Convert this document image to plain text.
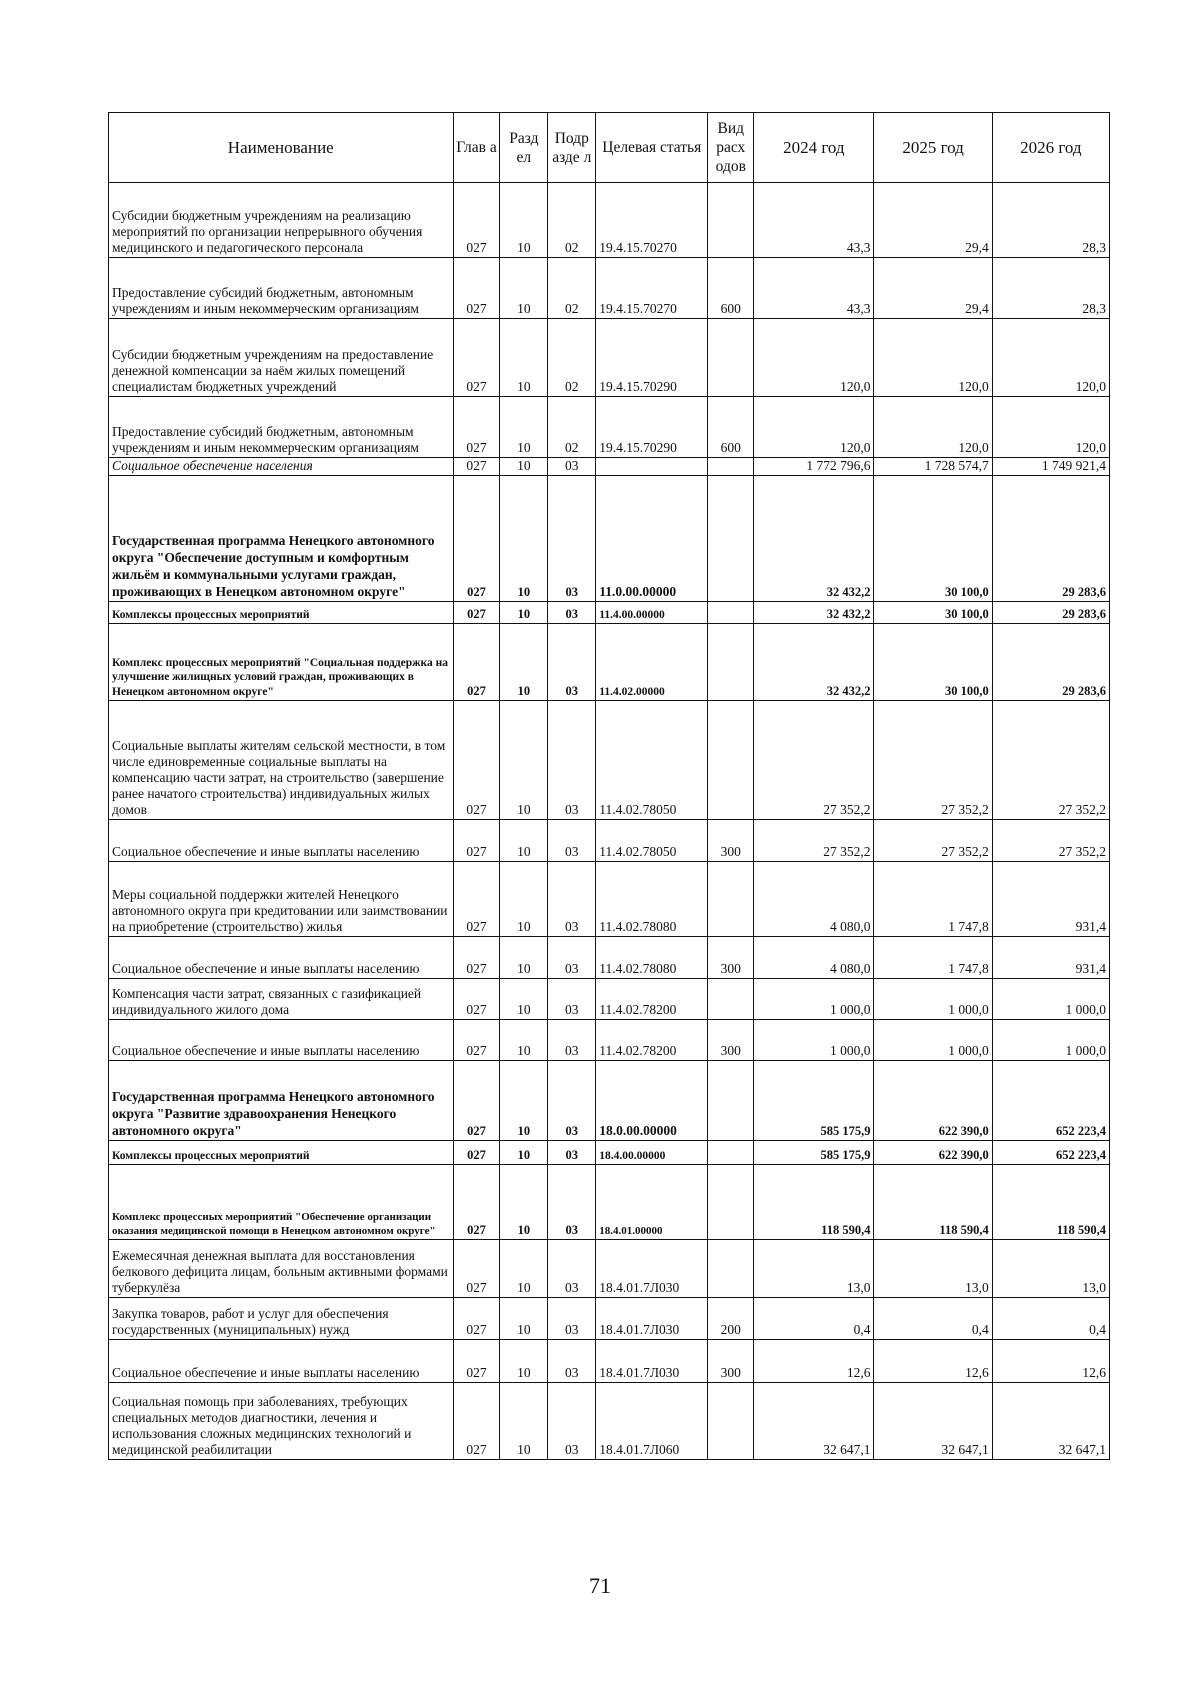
Наименование	Глав а	Разд ел	Подр азде л	Целевая статья	Вид расх одов	2024 год	2025 год	2026 год
Субсидии бюджетным учреждениям на реализацию мероприятий по организации непрерывного обучения медицинского и педагогического персонала	027	10	02	19.4.15.70270		43,3	29,4	28,3
Предоставление субсидий бюджетным, автономным учреждениям и иным некоммерческим организациям	027	10	02	19.4.15.70270	600	43,3	29,4	28,3
Субсидии бюджетным учреждениям на предоставление денежной компенсации за наём жилых помещений специалистам бюджетных учреждений	027	10	02	19.4.15.70290		120,0	120,0	120,0
Предоставление субсидий бюджетным, автономным учреждениям и иным некоммерческим организациям	027	10	02	19.4.15.70290	600	120,0	120,0	120,0
Социальное обеспечение населения	027	10	03			1 772 796,6	1 728 574,7	1 749 921,4
Государственная программа Ненецкого автономного округа "Обеспечение доступным и комфортным жильём и коммунальными услугами граждан, проживающих в Ненецком автономном округе"	027	10	03	11.0.00.00000		32 432,2	30 100,0	29 283,6
Комплексы процессных мероприятий	027	10	03	11.4.00.00000		32 432,2	30 100,0	29 283,6
Комплекс процессных мероприятий "Социальная поддержка на улучшение жилищных условий граждан, проживающих в Ненецком автономном округе"	027	10	03	11.4.02.00000		32 432,2	30 100,0	29 283,6
Социальные выплаты жителям сельской местности, в том числе единовременные социальные выплаты на компенсацию части затрат, на строительство (завершение ранее начатого строительства) индивидуальных жилых домов	027	10	03	11.4.02.78050		27 352,2	27 352,2	27 352,2
Социальное обеспечение и иные выплаты населению	027	10	03	11.4.02.78050	300	27 352,2	27 352,2	27 352,2
Меры социальной поддержки жителей Ненецкого автономного округа при кредитовании или заимствовании на приобретение (строительство) жилья	027	10	03	11.4.02.78080		4 080,0	1 747,8	931,4
Социальное обеспечение и иные выплаты населению	027	10	03	11.4.02.78080	300	4 080,0	1 747,8	931,4
Компенсация части затрат, связанных с газификацией индивидуального жилого дома	027	10	03	11.4.02.78200		1 000,0	1 000,0	1 000,0
Социальное обеспечение и иные выплаты населению	027	10	03	11.4.02.78200	300	1 000,0	1 000,0	1 000,0
Государственная программа Ненецкого автономного округа "Развитие здравоохранения Ненецкого автономного округа"	027	10	03	18.0.00.00000		585 175,9	622 390,0	652 223,4
Комплексы процессных мероприятий	027	10	03	18.4.00.00000		585 175,9	622 390,0	652 223,4
Комплекс процессных мероприятий "Обеспечение организации оказания медицинской помощи в Ненецком автономном округе"	027	10	03	18.4.01.00000		118 590,4	118 590,4	118 590,4
Ежемесячная денежная выплата для восстановления белкового дефицита лицам, больным активными формами туберкулёза	027	10	03	18.4.01.7Л030		13,0	13,0	13,0
Закупка товаров, работ и услуг для обеспечения государственных (муниципальных) нужд	027	10	03	18.4.01.7Л030	200	0,4	0,4	0,4
Социальное обеспечение и иные выплаты населению	027	10	03	18.4.01.7Л030	300	12,6	12,6	12,6
Социальная помощь при заболеваниях, требующих специальных методов диагностики, лечения и использования сложных медицинских технологий и медицинской реабилитации	027	10	03	18.4.01.7Л060		32 647,1	32 647,1	32 647,1
71
